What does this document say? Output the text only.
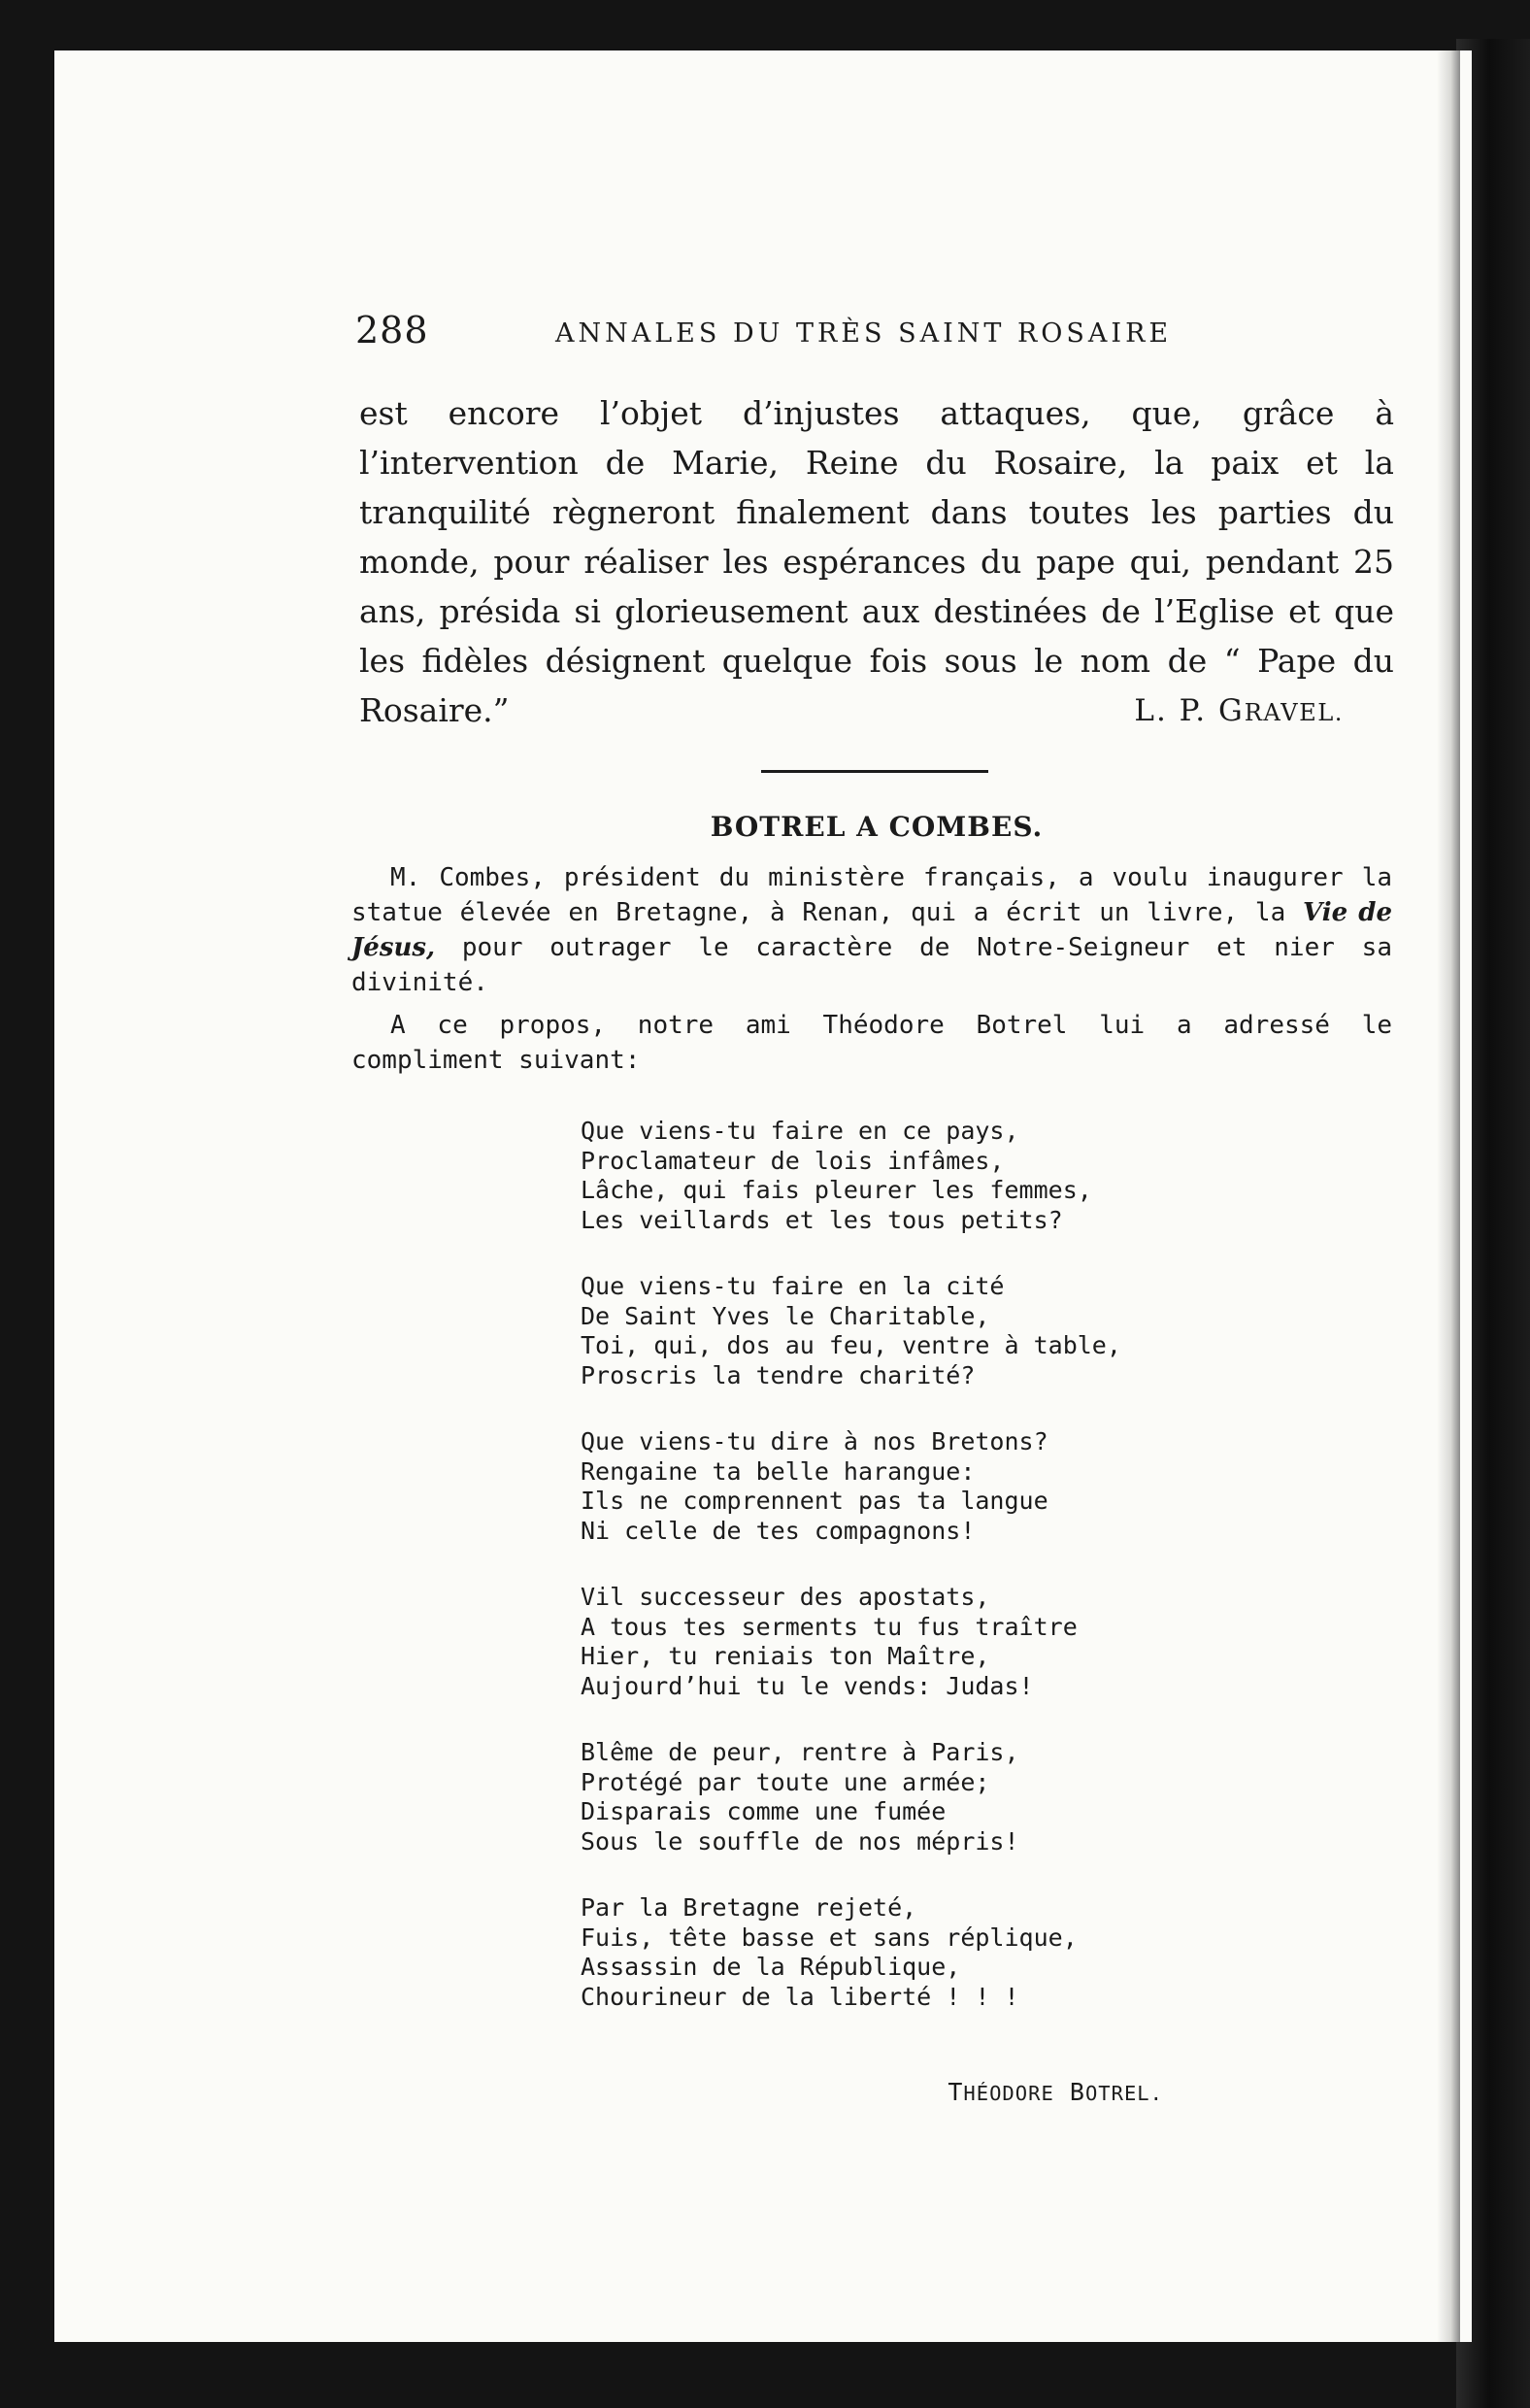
288	ANNALES DU TRÈS SAINT ROSAIRE
est encore l’objet d’injustes attaques, que, grâce à l’intervention de Marie, Reine du Rosaire, la paix et la tranquilité règneront finalement dans toutes les parties du monde, pour réaliser les espérances du pape qui, pendant 25 ans, présida si glorieusement aux destinées de l’Eglise et que les fidèles désignent quelque fois sous le nom de “ Pape du Rosaire.”	L. P. GRAVEL.
BOTREL A COMBES.

M. Combes, président du ministère français, a voulu inaugurer la statue élevée en Bretagne, à Renan, qui a écrit un livre, la Vie de Jésus, pour outrager le caractère de Notre-Seigneur et nier sa divinité.

A ce propos, notre ami Théodore Botrel lui a adressé le compliment suivant:

Que viens-tu faire en ce pays,
Proclamateur de lois infâmes,
Lâche, qui fais pleurer les femmes,
Les veillards et les tous petits?
Que viens-tu faire en la cité
De Saint Yves le Charitable,
Toi, qui, dos au feu, ventre à table,
Proscris la tendre charité?
Que viens-tu dire à nos Bretons?
Rengaine ta belle harangue:
Ils ne comprennent pas ta langue
Ni celle de tes compagnons!
Vil successeur des apostats,
A tous tes serments tu fus traître
Hier, tu reniais ton Maître,
Aujourd’hui tu le vends: Judas!
Blême de peur, rentre à Paris,
Protégé par toute une armée;
Disparais comme une fumée
Sous le souffle de nos mépris!
Par la Bretagne rejeté,
Fuis, tête basse et sans réplique,
Assassin de la République,
Chourineur de la liberté ! ! !
THÉODORE BOTREL.
